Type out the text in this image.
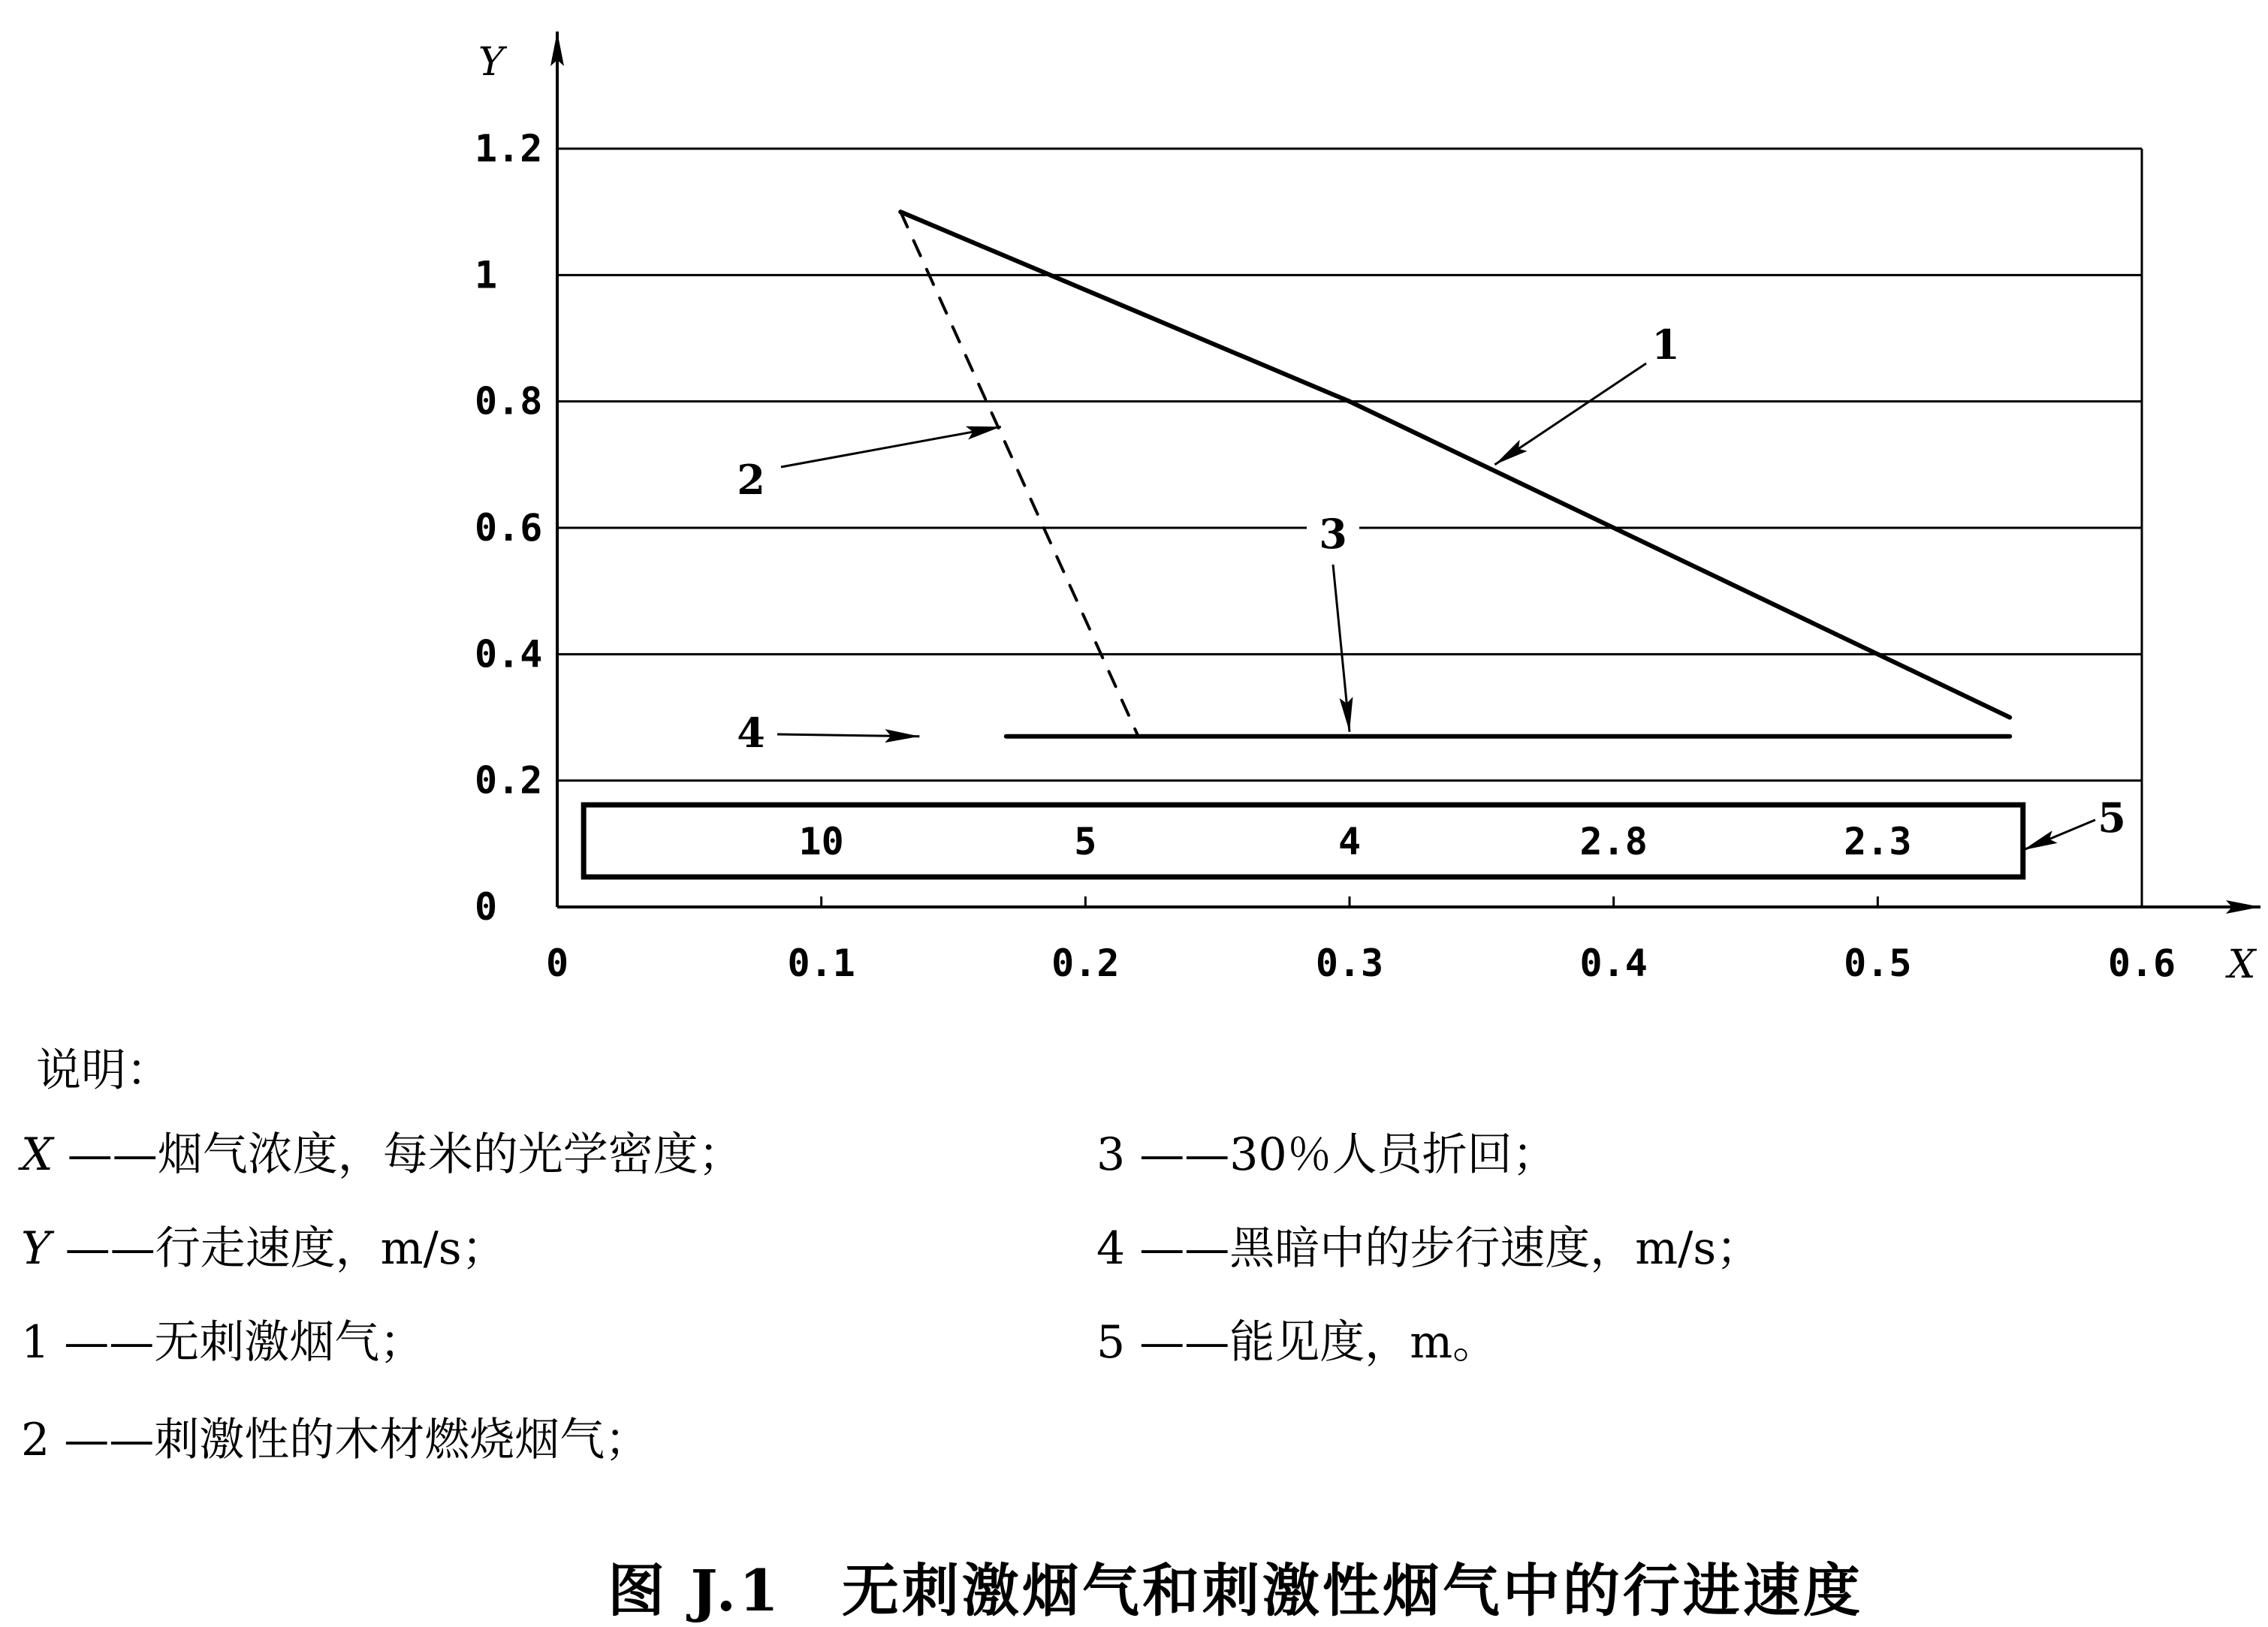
10	5	4	2.8	2.3
1
2
3
4
5
0
0.2
0.4
0.6
0.8
1
1.2
0	0.1	0.2	0.3	0.4	0.5	0.6
Y
X
说明：
X ——烟气浓度，每米的光学密度；
Y ——行走速度，m/s；
1 ——无刺激烟气；
2 ——刺激性的木材燃烧烟气；
3 ——30％人员折回；
4 ——黑暗中的步行速度，m/s；
5 ——能见度，m。
图 J.1　无刺激烟气和刺激性烟气中的行进速度
